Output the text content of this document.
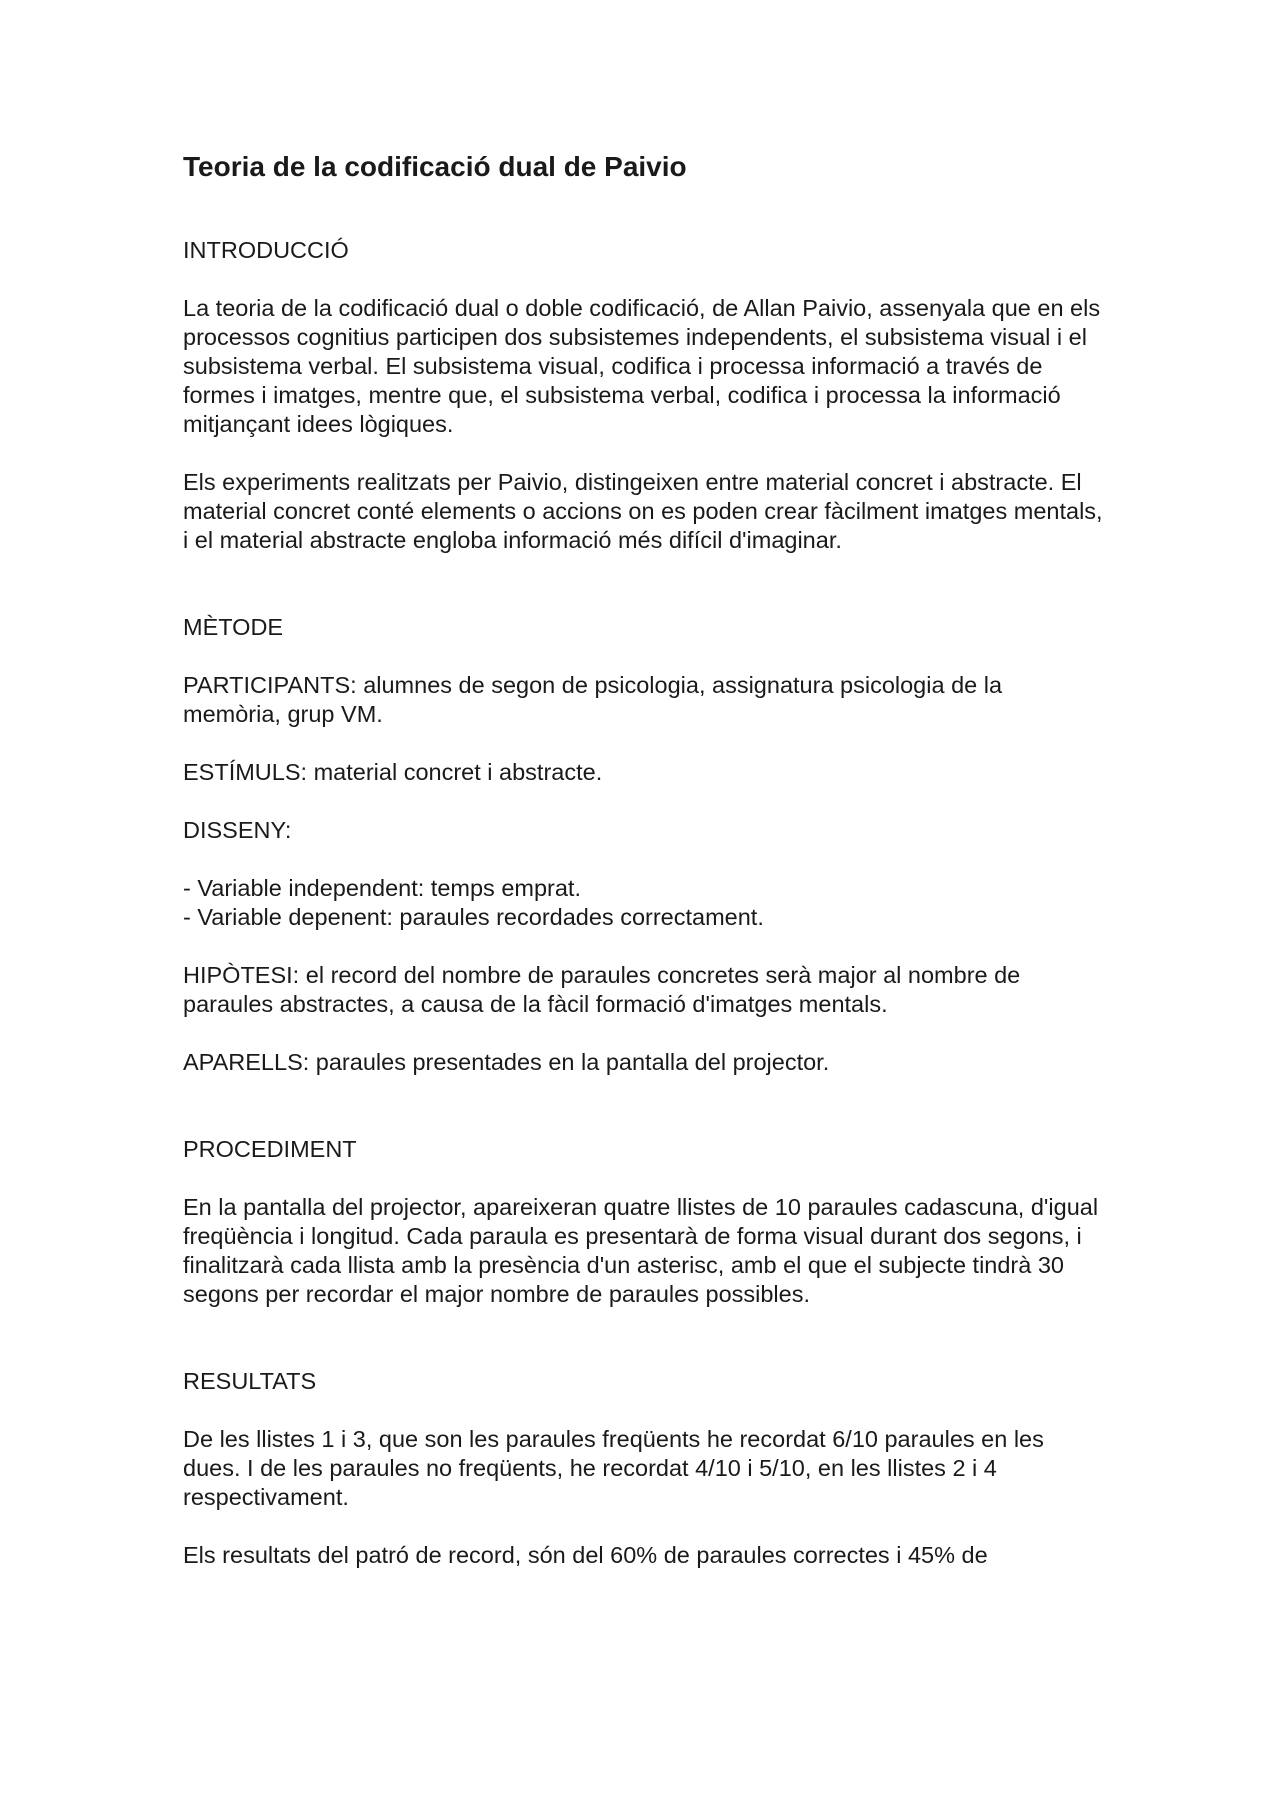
Teoria de la codificació dual de Paivio

INTRODUCCIÓ

La teoria de la codificació dual o doble codificació, de Allan Paivio, assenyala que en els processos cognitius participen dos subsistemes independents, el subsistema visual i el subsistema verbal. El subsistema visual, codifica i processa informació a través de formes i imatges, mentre que, el subsistema verbal, codifica i processa la informació mitjançant idees lògiques.

Els experiments realitzats per Paivio, distingeixen entre material concret i abstracte. El material concret conté elements o accions on es poden crear fàcilment imatges mentals, i el material abstracte engloba informació més difícil d'imaginar.

MÈTODE

PARTICIPANTS: alumnes de segon de psicologia, assignatura psicologia de la memòria, grup VM.

ESTÍMULS: material concret i abstracte.

DISSENY:

- Variable independent: temps emprat.

- Variable depenent: paraules recordades correctament.

HIPÒTESI: el record del nombre de paraules concretes serà major al nombre de paraules abstractes, a causa de la fàcil formació d'imatges mentals.

APARELLS: paraules presentades en la pantalla del projector.

PROCEDIMENT

En la pantalla del projector, apareixeran quatre llistes de 10 paraules cadascuna, d'igual freqüència i longitud. Cada paraula es presentarà de forma visual durant dos segons, i finalitzarà cada llista amb la presència d'un asterisc, amb el que el subjecte tindrà 30 segons per recordar el major nombre de paraules possibles.

RESULTATS

De les llistes 1 i 3, que son les paraules freqüents he recordat 6/10 paraules en les dues. I de les paraules no freqüents, he recordat 4/10 i 5/10, en les llistes 2 i 4 respectivament.

Els resultats del patró de record, són del 60% de paraules correctes i 45% de
